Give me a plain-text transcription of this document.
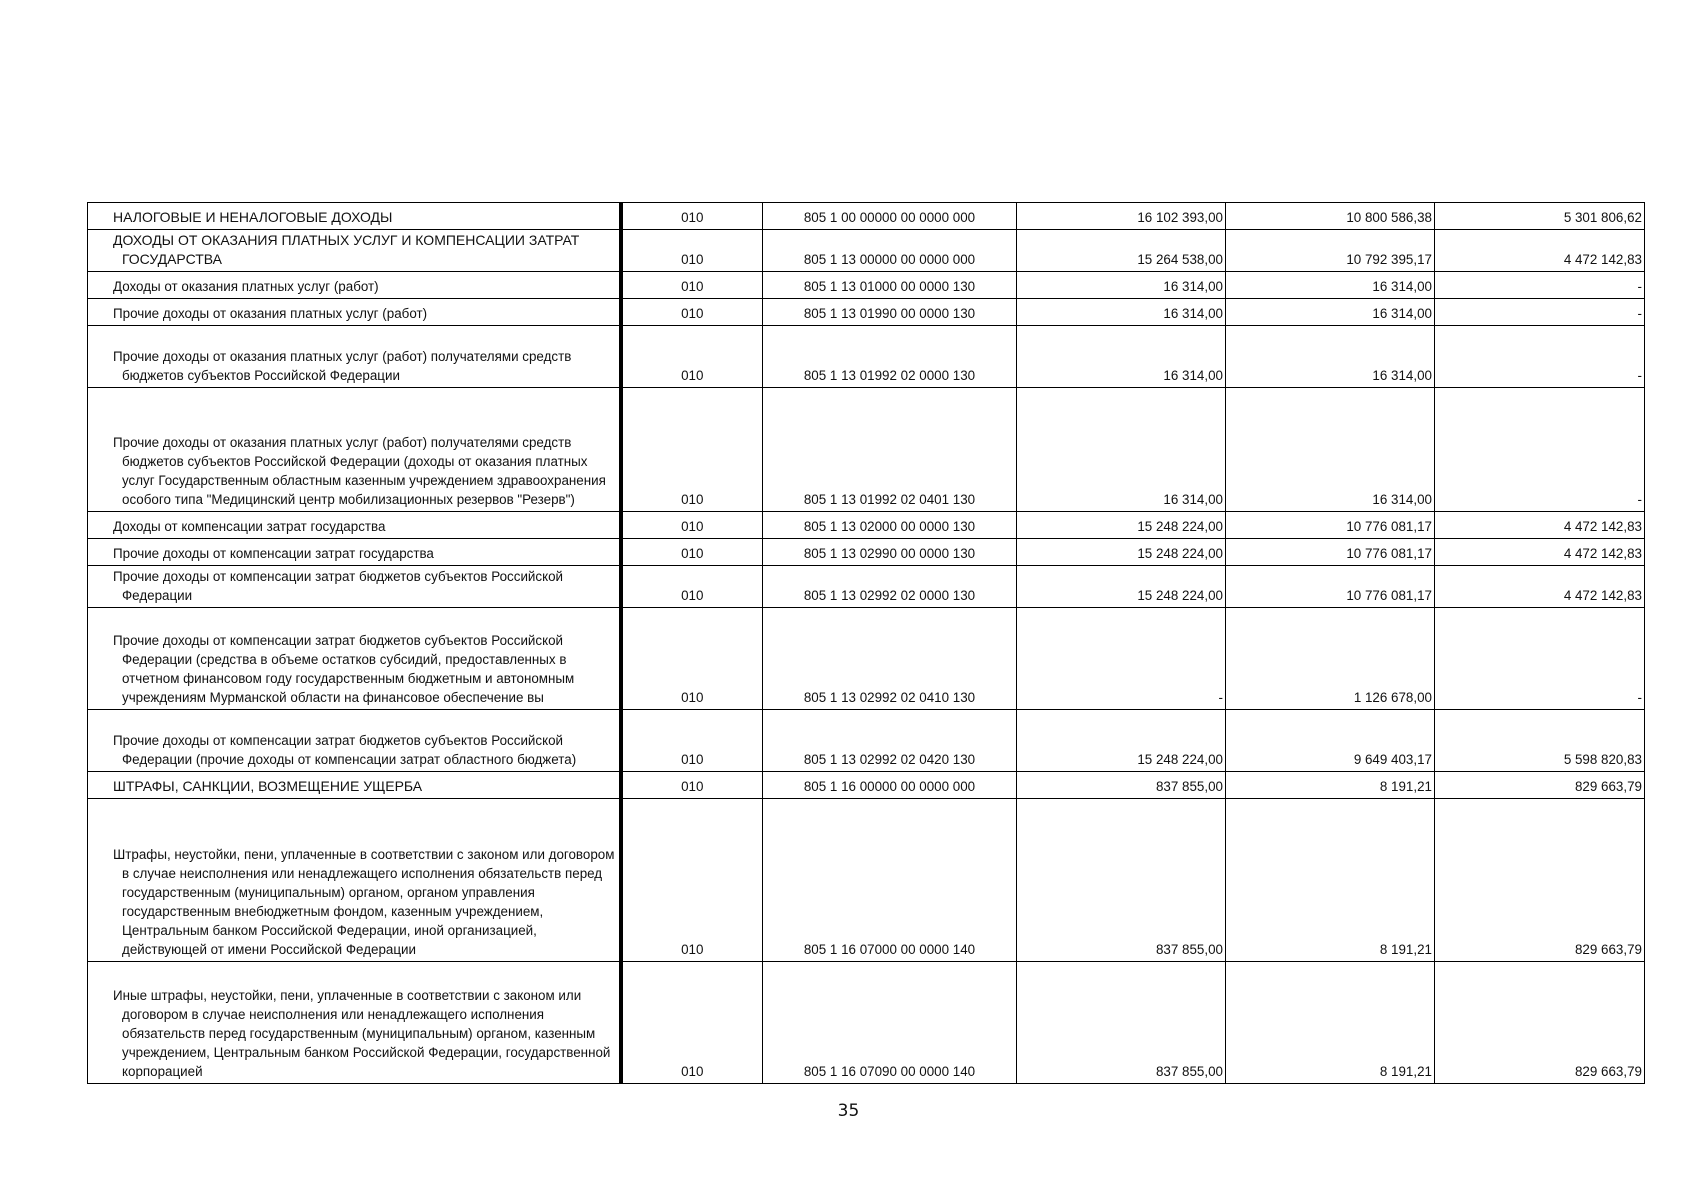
НАЛОГОВЫЕ И НЕНАЛОГОВЫЕ ДОХОДЫ	010	805 1 00 00000 00 0000 000	16 102 393,00	10 800 586,38	5 301 806,62
ДОХОДЫ ОТ ОКАЗАНИЯ ПЛАТНЫХ УСЛУГ И КОМПЕНСАЦИИ ЗАТРАТ ГОСУДАРСТВА	010	805 1 13 00000 00 0000 000	15 264 538,00	10 792 395,17	4 472 142,83
Доходы от оказания платных услуг (работ)	010	805 1 13 01000 00 0000 130	16 314,00	16 314,00	-
Прочие доходы от оказания платных услуг (работ)	010	805 1 13 01990 00 0000 130	16 314,00	16 314,00	-
Прочие доходы от оказания платных услуг (работ) получателями средств бюджетов субъектов Российской Федерации	010	805 1 13 01992 02 0000 130	16 314,00	16 314,00	-
Прочие доходы от оказания платных услуг (работ) получателями средств бюджетов субъектов Российской Федерации (доходы от оказания платных услуг Государственным областным казенным учреждением здравоохранения особого типа "Медицинский центр мобилизационных резервов "Резерв")	010	805 1 13 01992 02 0401 130	16 314,00	16 314,00	-
Доходы от компенсации затрат государства	010	805 1 13 02000 00 0000 130	15 248 224,00	10 776 081,17	4 472 142,83
Прочие доходы от компенсации затрат государства	010	805 1 13 02990 00 0000 130	15 248 224,00	10 776 081,17	4 472 142,83
Прочие доходы от компенсации затрат бюджетов субъектов Российской Федерации	010	805 1 13 02992 02 0000 130	15 248 224,00	10 776 081,17	4 472 142,83
Прочие доходы от компенсации затрат бюджетов субъектов Российской Федерации (средства в объеме остатков субсидий, предоставленных в отчетном финансовом году государственным бюджетным и автономным учреждениям Мурманской области на финансовое обеспечение вы	010	805 1 13 02992 02 0410 130	-	1 126 678,00	-
Прочие доходы от компенсации затрат бюджетов субъектов Российской Федерации (прочие доходы от компенсации затрат областного бюджета)	010	805 1 13 02992 02 0420 130	15 248 224,00	9 649 403,17	5 598 820,83
ШТРАФЫ, САНКЦИИ, ВОЗМЕЩЕНИЕ УЩЕРБА	010	805 1 16 00000 00 0000 000	837 855,00	8 191,21	829 663,79
Штрафы, неустойки, пени, уплаченные в соответствии с законом или договором в случае неисполнения или ненадлежащего исполнения обязательств перед государственным (муниципальным) органом, органом управления государственным внебюджетным фондом, казенным учреждением, Центральным банком Российской Федерации, иной организацией, действующей от имени Российской Федерации	010	805 1 16 07000 00 0000 140	837 855,00	8 191,21	829 663,79
Иные штрафы, неустойки, пени, уплаченные в соответствии с законом или договором в случае неисполнения или ненадлежащего исполнения обязательств перед государственным (муниципальным) органом, казенным учреждением, Центральным банком Российской Федерации, государственной корпорацией	010	805 1 16 07090 00 0000 140	837 855,00	8 191,21	829 663,79
35
